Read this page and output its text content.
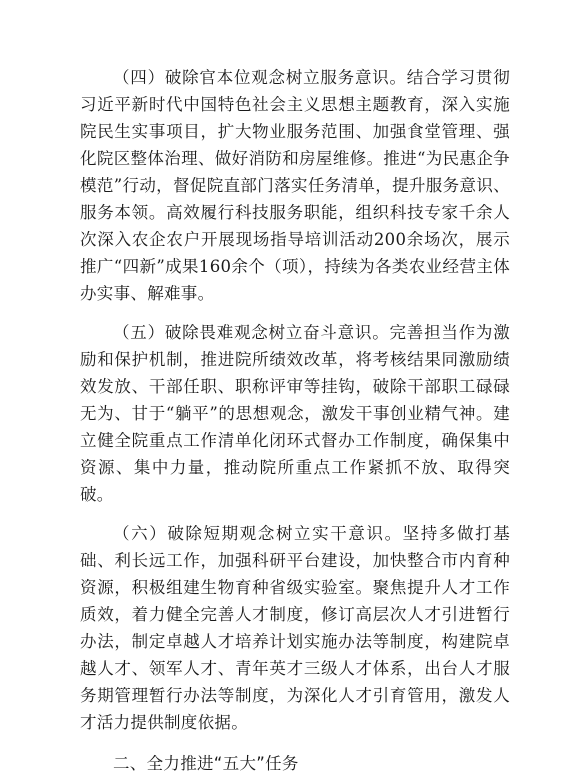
（四）破除官本位观念树立服务意识。结合学习贯彻习近平新时代中国特色社会主义思想主题教育，深入实施院民生实事项目，扩大物业服务范围、加强食堂管理、强化院区整体治理、做好消防和房屋维修。推进“为民惠企争模范”行动，督促院直部门落实任务清单，提升服务意识、服务本领。高效履行科技服务职能，组织科技专家千余人次深入农企农户开展现场指导培训活动200余场次，展示推广“四新”成果160余个（项），持续为各类农业经营主体办实事、解难事。

（五）破除畏难观念树立奋斗意识。完善担当作为激励和保护机制，推进院所绩效改革，将考核结果同激励绩效发放、干部任职、职称评审等挂钩，破除干部职工碌碌无为、甘于“躺平”的思想观念，激发干事创业精气神。建立健全院重点工作清单化闭环式督办工作制度，确保集中资源、集中力量，推动院所重点工作紧抓不放、取得突破。

（六）破除短期观念树立实干意识。坚持多做打基础、利长远工作，加强科研平台建设，加快整合市内育种资源，积极组建生物育种省级实验室。聚焦提升人才工作质效，着力健全完善人才制度，修订高层次人才引进暂行办法，制定卓越人才培养计划实施办法等制度，构建院卓越人才、领军人才、青年英才三级人才体系，出台人才服务期管理暂行办法等制度，为深化人才引育管用，激发人才活力提供制度依据。

二、全力推进“五大”任务
